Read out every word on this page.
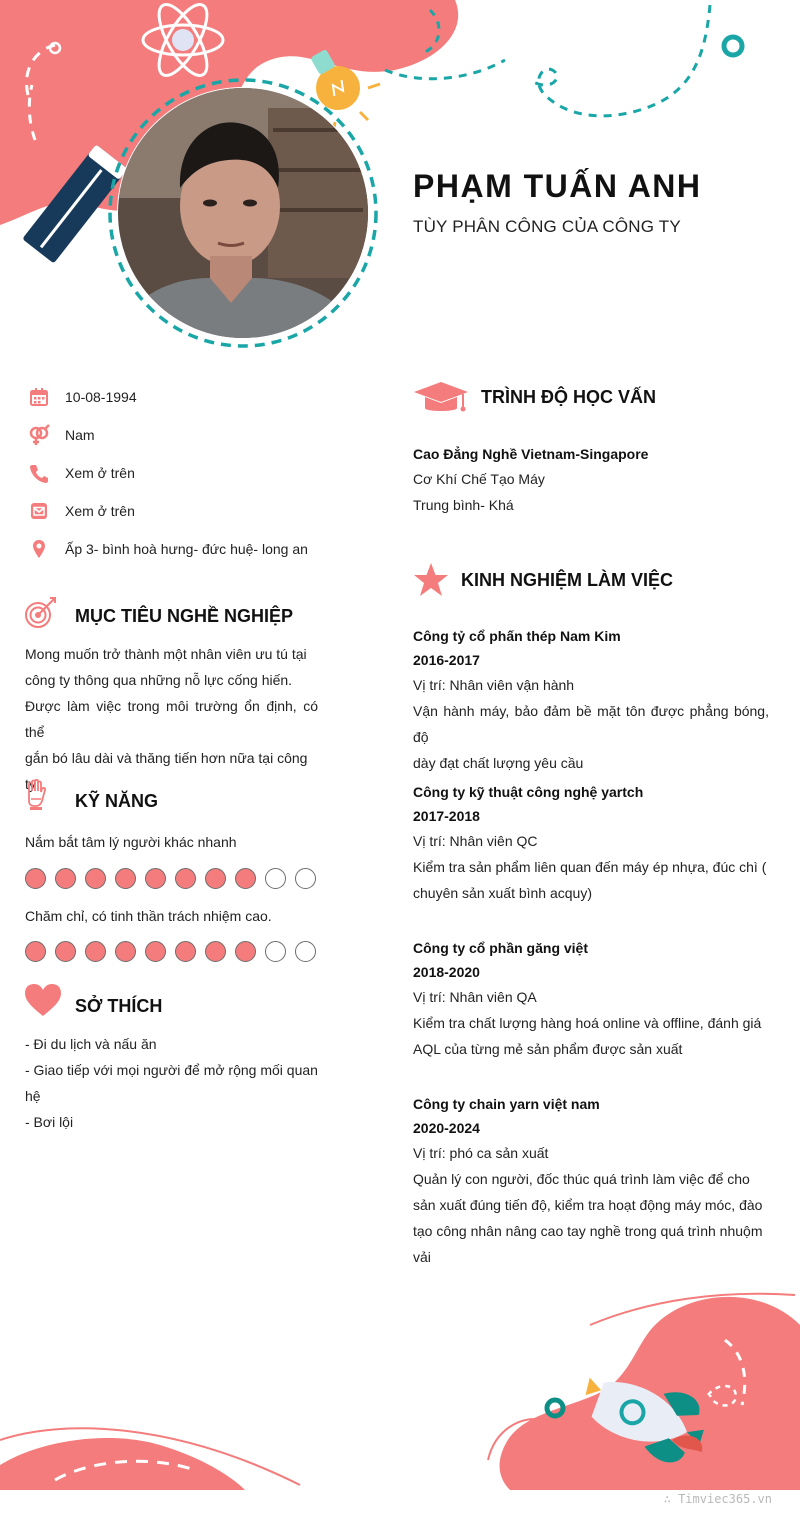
PHẠM TUẤN ANH
TÙY PHÂN CÔNG CỦA CÔNG TY
10-08-1994
Nam
Xem ở trên
Xem ở trên
Ấp 3- bình hoà hưng- đức huệ- long an
MỤC TIÊU NGHỀ NGHIỆP
Mong muốn trở thành một nhân viên ưu tú tại
công ty thông qua những nỗ lực cống hiến.
Được làm việc trong môi trường ổn định, có thể
gắn bó lâu dài và thăng tiến hơn nữa tại công
ty
KỸ NĂNG
Nắm bắt tâm lý người khác nhanh
Chăm chỉ, có tinh thần trách nhiệm cao.
SỞ THÍCH
- Đi du lịch và nấu ăn
- Giao tiếp với mọi người để mở rộng mối quan
hệ
- Bơi lội
TRÌNH ĐỘ HỌC VẤN
Cao Đẳng Nghề Vietnam-Singapore
Cơ Khí Chế Tạo Máy
Trung bình- Khá
KINH NGHIỆM LÀM VIỆC
Công tỷ cổ phấn thép Nam Kim
2016-2017
Vị trí: Nhân viên vận hành
Vận hành máy, bảo đảm bề mặt tôn được phẳng bóng, độ
dày đạt chất lượng yêu cầu
Công ty kỹ thuật công nghệ yartch
2017-2018
Vị trí: Nhân viên QC
Kiểm tra sản phẩm liên quan đến máy ép nhựa, đúc chì (
chuyên sản xuất bình acquy)
Công ty cổ phần găng việt
2018-2020
Vị trí: Nhân viên QA
Kiểm tra chất lượng hàng hoá online và offline, đánh giá
AQL của từng mẻ sản phẩm được sản xuất
Công ty chain yarn việt nam
2020-2024
Vị trí: phó ca sản xuất
Quản lý con người, đốc thúc quá trình làm việc để cho
sản xuất đúng tiến độ, kiểm tra hoạt động máy móc, đào
tạo công nhân nâng cao tay nghề trong quá trình nhuộm
vải
∴ Timviec365.vn
